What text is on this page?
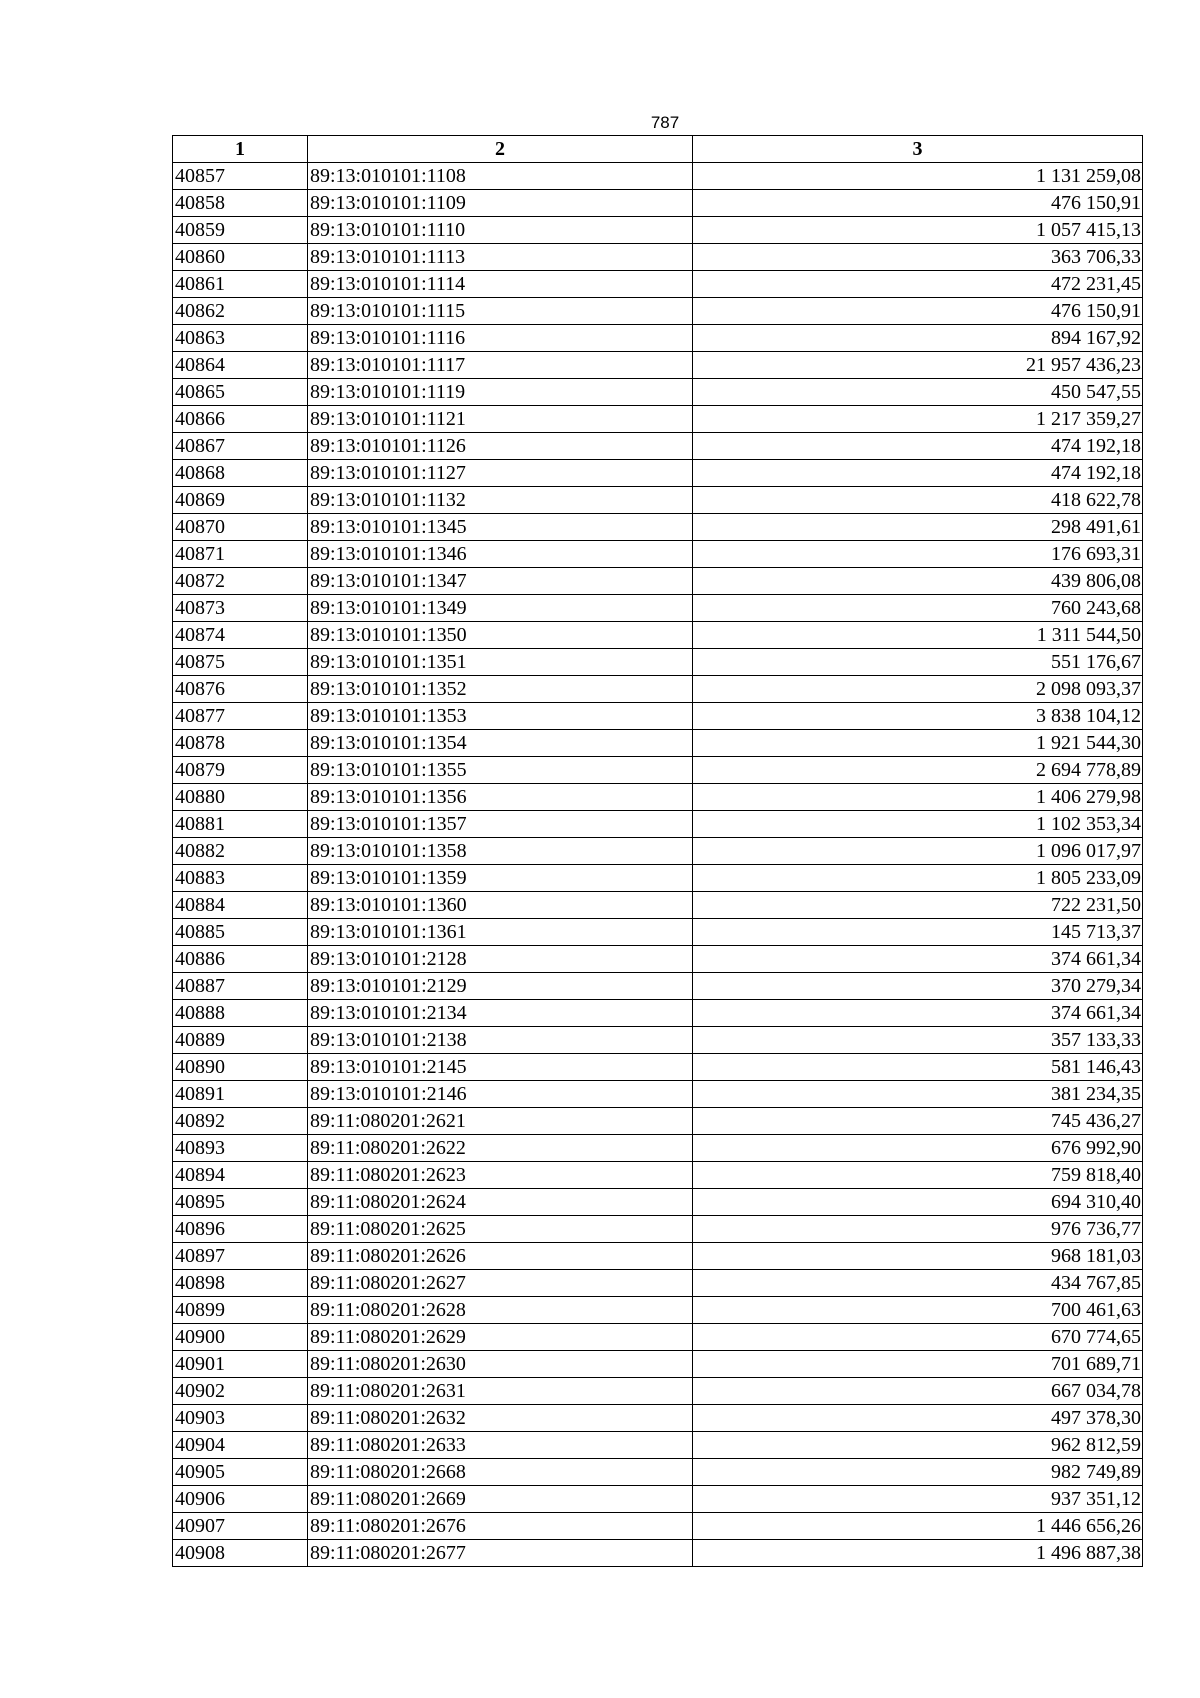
787
1	2	3
40857	89:13:010101:1108	1 131 259,08
40858	89:13:010101:1109	476 150,91
40859	89:13:010101:1110	1 057 415,13
40860	89:13:010101:1113	363 706,33
40861	89:13:010101:1114	472 231,45
40862	89:13:010101:1115	476 150,91
40863	89:13:010101:1116	894 167,92
40864	89:13:010101:1117	21 957 436,23
40865	89:13:010101:1119	450 547,55
40866	89:13:010101:1121	1 217 359,27
40867	89:13:010101:1126	474 192,18
40868	89:13:010101:1127	474 192,18
40869	89:13:010101:1132	418 622,78
40870	89:13:010101:1345	298 491,61
40871	89:13:010101:1346	176 693,31
40872	89:13:010101:1347	439 806,08
40873	89:13:010101:1349	760 243,68
40874	89:13:010101:1350	1 311 544,50
40875	89:13:010101:1351	551 176,67
40876	89:13:010101:1352	2 098 093,37
40877	89:13:010101:1353	3 838 104,12
40878	89:13:010101:1354	1 921 544,30
40879	89:13:010101:1355	2 694 778,89
40880	89:13:010101:1356	1 406 279,98
40881	89:13:010101:1357	1 102 353,34
40882	89:13:010101:1358	1 096 017,97
40883	89:13:010101:1359	1 805 233,09
40884	89:13:010101:1360	722 231,50
40885	89:13:010101:1361	145 713,37
40886	89:13:010101:2128	374 661,34
40887	89:13:010101:2129	370 279,34
40888	89:13:010101:2134	374 661,34
40889	89:13:010101:2138	357 133,33
40890	89:13:010101:2145	581 146,43
40891	89:13:010101:2146	381 234,35
40892	89:11:080201:2621	745 436,27
40893	89:11:080201:2622	676 992,90
40894	89:11:080201:2623	759 818,40
40895	89:11:080201:2624	694 310,40
40896	89:11:080201:2625	976 736,77
40897	89:11:080201:2626	968 181,03
40898	89:11:080201:2627	434 767,85
40899	89:11:080201:2628	700 461,63
40900	89:11:080201:2629	670 774,65
40901	89:11:080201:2630	701 689,71
40902	89:11:080201:2631	667 034,78
40903	89:11:080201:2632	497 378,30
40904	89:11:080201:2633	962 812,59
40905	89:11:080201:2668	982 749,89
40906	89:11:080201:2669	937 351,12
40907	89:11:080201:2676	1 446 656,26
40908	89:11:080201:2677	1 496 887,38
